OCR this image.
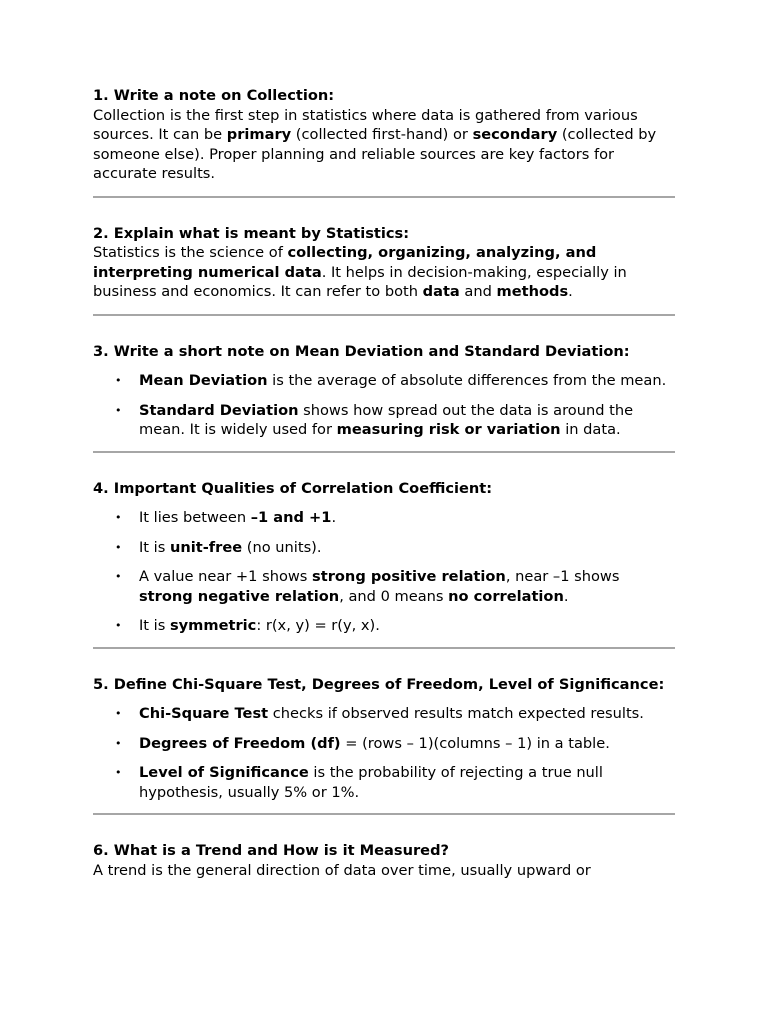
1. Write a note on Collection:

Collection is the first step in statistics where data is gathered from various sources. It can be primary (collected first-hand) or secondary (collected by someone else). Proper planning and reliable sources are key factors for accurate results.

2. Explain what is meant by Statistics:

Statistics is the science of collecting, organizing, analyzing, and interpreting numerical data. It helps in decision-making, especially in business and economics. It can refer to both data and methods.

3. Write a short note on Mean Deviation and Standard Deviation:

• Mean Deviation is the average of absolute differences from the mean.
• Standard Deviation shows how spread out the data is around the mean. It is widely used for measuring risk or variation in data.

4. Important Qualities of Correlation Coefficient:

• It lies between –1 and +1.
• It is unit-free (no units).
• A value near +1 shows strong positive relation, near –1 shows strong negative relation, and 0 means no correlation.
• It is symmetric: r(x, y) = r(y, x).

5. Define Chi-Square Test, Degrees of Freedom, Level of Significance:

• Chi-Square Test checks if observed results match expected results.
• Degrees of Freedom (df) = (rows – 1)(columns – 1) in a table.
• Level of Significance is the probability of rejecting a true null hypothesis, usually 5% or 1%.

6. What is a Trend and How is it Measured?

A trend is the general direction of data over time, usually upward or
